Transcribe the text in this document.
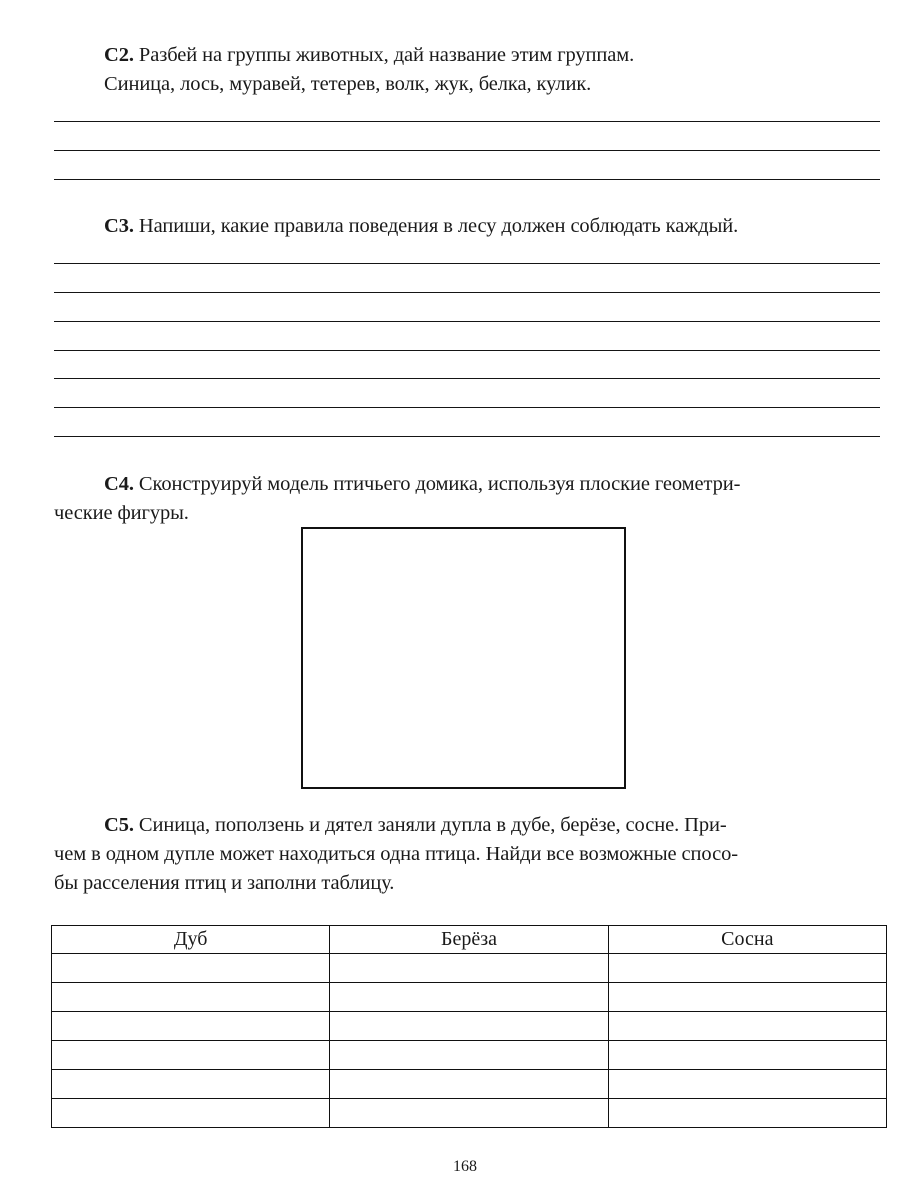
С2. Разбей на группы животных, дай название этим группам.
Синица, лось, муравей, тетерев, волк, жук, белка, кулик.
С3. Напиши, какие правила поведения в лесу должен соблюдать каждый.
С4. Сконструируй модель птичьего домика, используя плоские геометри-
ческие фигуры.
С5. Синица, поползень и дятел заняли дупла в дубе, берёзе, сосне. При-
чем в одном дупле может находиться одна птица. Найди все возможные спосо-
бы расселения птиц и заполни таблицу.
Дуб	Берёза	Сосна

168
